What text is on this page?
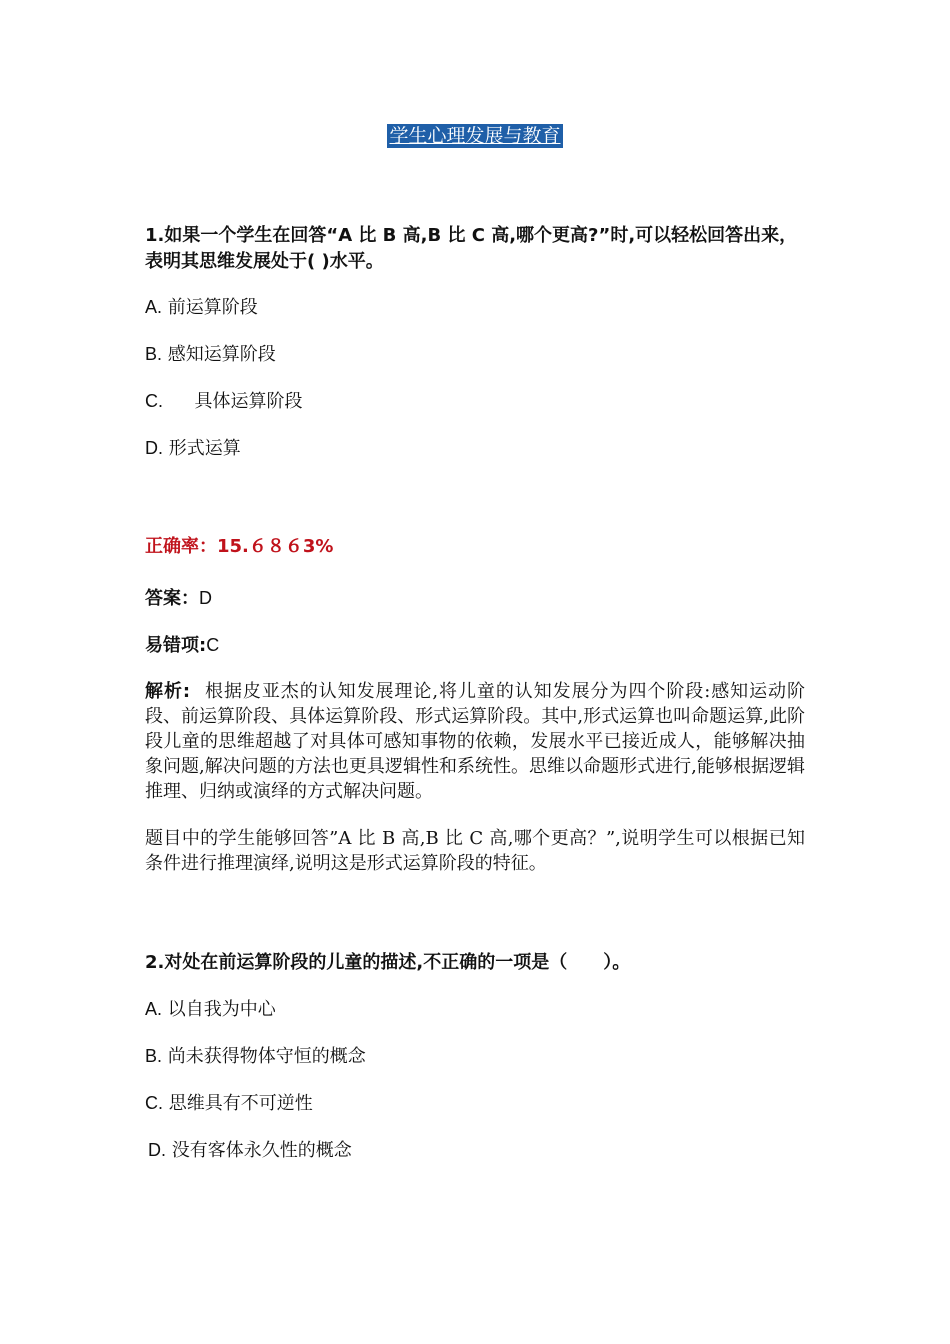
学生心理发展与教育
1.如果一个学生在回答“A 比 B 高,B 比 C 高,哪个更高?”时,可以轻松回答出来，表明其思维发展处于( )水平。
A. 前运算阶段
B. 感知运算阶段
C. 具体运算阶段
D. 形式运算
正确率：15.６８６3%
答案：D
易错项:C
解析: 根据皮亚杰的认知发展理论,将儿童的认知发展分为四个阶段:感知运动阶段、前运算阶段、具体运算阶段、形式运算阶段。其中,形式运算也叫命题运算,此阶段儿童的思维超越了对具体可感知事物的依赖，发展水平已接近成人，能够解决抽象问题,解决问题的方法也更具逻辑性和系统性。思维以命题形式进行,能够根据逻辑推理、归纳或演绎的方式解决问题。
题目中的学生能够回答”A 比 B 高,B 比 C 高,哪个更高？”,说明学生可以根据已知条件进行推理演绎,说明这是形式运算阶段的特征。
2.对处在前运算阶段的儿童的描述,不正确的一项是（　　）。
A. 以自我为中心
B. 尚未获得物体守恒的概念
C. 思维具有不可逆性
D. 没有客体永久性的概念
